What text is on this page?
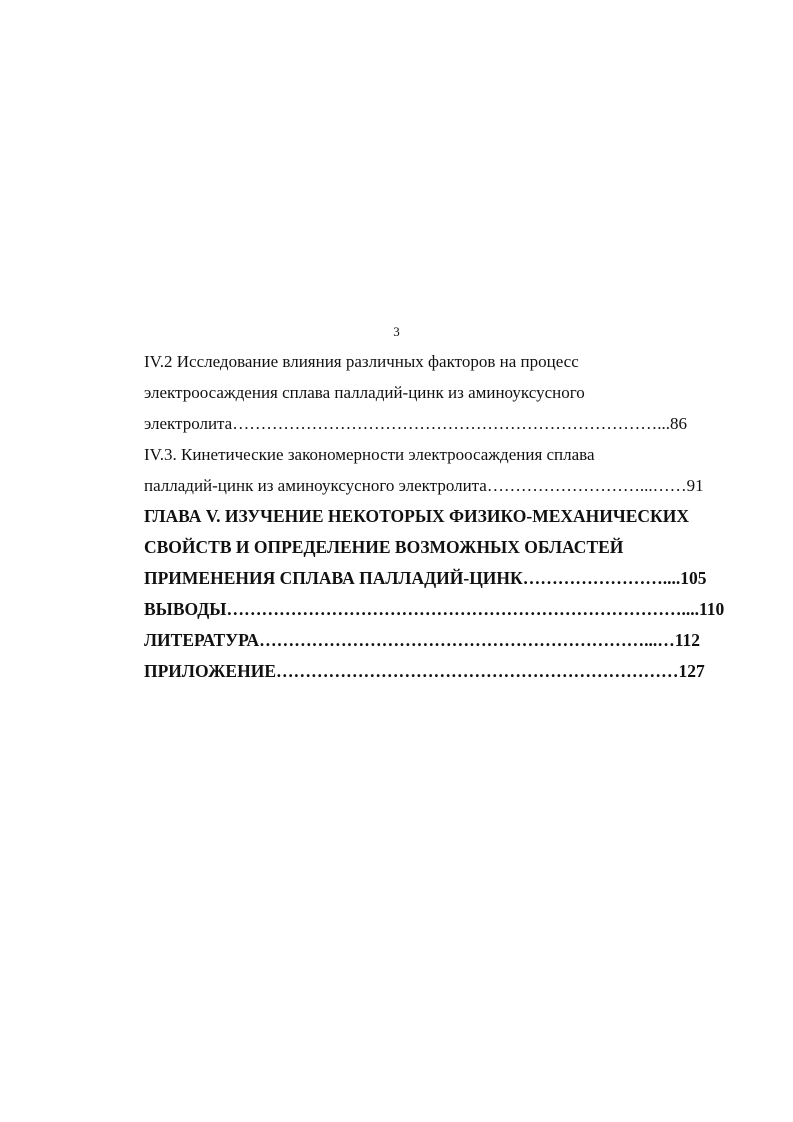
3
IV.2 Исследование влияния различных факторов на процесс
электроосаждения сплава палладий-цинк из аминоуксусного
электролита…………………………………………………………………...86
IV.3. Кинетические закономерности электроосаждения сплава
палладий-цинк из аминоуксусного электролита………………………...……91
ГЛАВА V. ИЗУЧЕНИЕ НЕКОТОРЫХ ФИЗИКО-МЕХАНИЧЕСКИХ
СВОЙСТВ И ОПРЕДЕЛЕНИЕ ВОЗМОЖНЫХ ОБЛАСТЕЙ
ПРИМЕНЕНИЯ СПЛАВА ПАЛЛАДИЙ-ЦИНК……………………....105
ВЫВОДЫ……………………………………………………………………....110
ЛИТЕРАТУРА…………………………………………………………...…112
ПРИЛОЖЕНИЕ……………………………………………………………127
